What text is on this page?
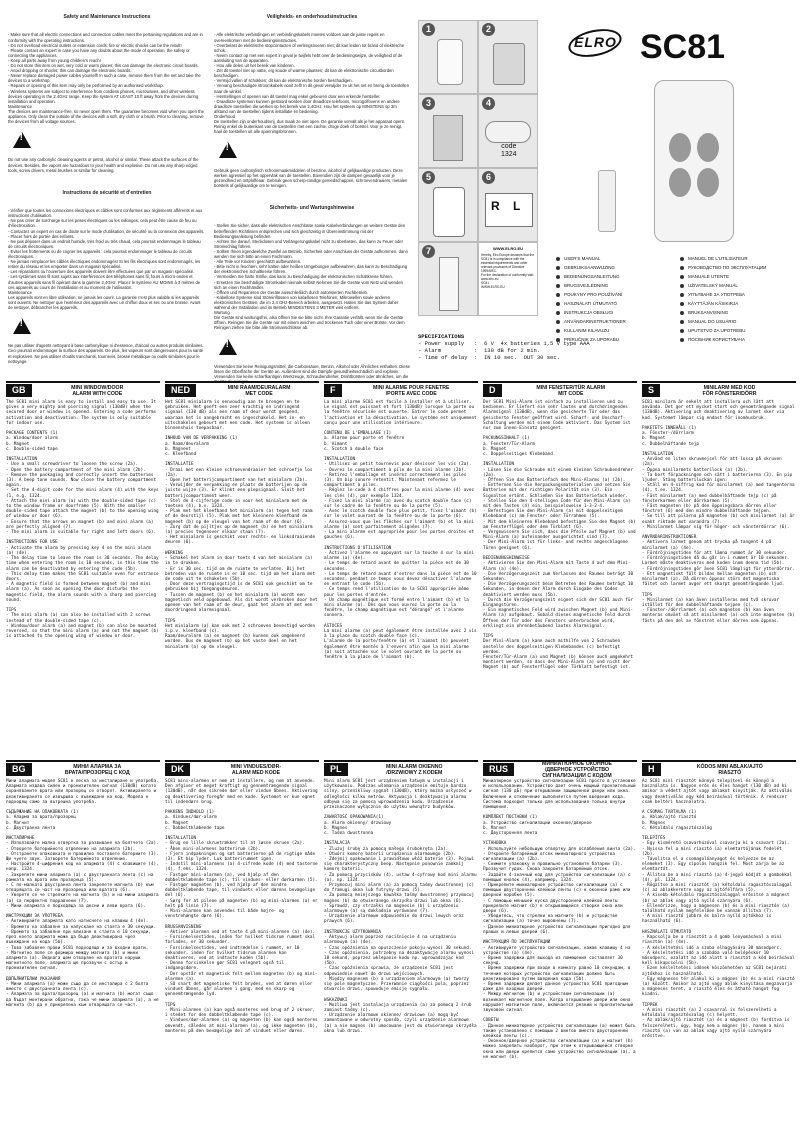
Safety and Maintenance Instructions

- Make sure that all electric connections and connection cables meet the pertaining regulations and are in conformity with the operating instructions.
- Do not overload electrical outlets or extension cords; fire or electric shocks can be the result!
- Please contact an expert in case you have any doubts about the mode of operation, the safety or connecting the appliances.
- Keep all parts away from young children's reach!
- Do not store this item on wet, very cold or warm places; this can damage the electronic circuit boards.
- Avoid dropping or shocks; this can damage the electronic boards.
- Never replace damaged power cables yourself! In such a case, remove them from the net and take the devices to a workshop.
- Repairs or opening of this item may only be performed by an authorised workshop.
- Wireless systems are subject to interference from cordless phones, microwaves, and other wireless devices operating in the 2.4GHz range. Keep the system AT LEAST 10 ft away from the devices during installation and operation.
Maintenance
The devices are maintenance-free, so never open them. The guarantee becomes void when you open the appliance. Only clean the outside of the devices with a soft, dry cloth or a brush. Prior to cleaning, remove the devices from all voltage sources.

!

Do not use any carbonylic cleaning agents or petrol, alcohol or similar. These attack the surfaces of the devices. Besides, the vapors are hazardous to your health and explosive. Do not use any sharp edged tools, screw drivers, metal brushes or similar for cleaning.

Instructions de sécurité et d'entretien

- Vérifier que toutes les connexions électriques et câbles sont conformes aux règlements afférents et aux instructions d'utilisation.
- Ne pas créer de surcharge sur les prises électriques ou les rallonges, cela peut être cause de feu ou d'électrocution.
- Contactez un expert en cas de doute sur le mode d'utilisation, de sécurité ou la connexion des appareils.
- Placer hors de portée des enfants.
- Ne pas déposer dans un endroit humide, très froid ou très chaud, cela pourrait endommager le tableau de circuits électroniques.
- Eviter les frottements ou de cogner les appareils : cela pourrait endommager le tableau de circuits électroniques.
- Ne jamais remplacer les câbles électriques endommagés! Si les fils électriques sont endommagés, les retirer du réseau et les emporter dans un magasin spécialisé.
- Les réparations ou l'ouverture des appareils doivent être effectuées que par un magasin spécialisé.
- Les systèmes sans fil sont sujets aux interférences des téléphones sans fil, fours à micro-ondes et d'autres appareils sans fil opérant dans la gamme 2,4GHz. Placez le système AU MOINS à 3 mètres de ces appareils au cours de l'installation et au moment de l'utilisation.
Maintenance
Les appareils sont en libre utilisation, ne jamais les ouvrir. La garantie n'est plus valable si les appareils sont ouverts. Ne nettoyer que l'extérieur des appareils avec un chiffon doux et sec ou une brosse. Avant de nettoyer, débrancher les appareils.

!

Ne pas utiliser d'agents nettoyant à base carbonylique ni d'essence, d'alcool ou autres produits similaires. Ceci pourrait endommager la surface des appareils. De plus, les vapeurs sont dangereuses pour la santé et explosives. Ne pas utiliser d'outils tranchants, tournevis, brosse métallique ou outils similaires pour le nettoyage.

Veiligheids- en onderhoudsinstructies

- Alle elektrische verbindingen en verbindingskabels moeten voldoen aan de juiste regels en overeenkomen met de bedieningsinstructies.
- Overbelast de elektrische stopcontacten of verlengsnoeren niet; dit kan leiden tot brand of elektrische schok.
- Neem contact op met een expert in geval je twijfels hebt over de bedieningswijze, de veiligheid of de aansluiting van de apparaten.
- Hou alle delen uit het bereik van kinderen.
- Zet dit toestel niet op natte, erg koude of warme plaatsen; dit kan de elektronische circuitborden beschadigen.
- Vermijd vallen of schokken; dit kan de elektronische borden beschadigen.
- Vervang beschadigde stroomkabels nooit zelf! In dit geval verwijder ze uit het net en breng de toestellen naar de winkel.
- Herstellingen of openen van dit toestel mag enkel gebeuren door een erkende hersteller.
- Draadloze systemen kunnen gestoord worden door draadloze telefoons, microgolfovens en andere draadloze toestellen die werken op het bereik van 2,4GHz. Hou het systeem op MINSTENS op 3m afstand van de toestellen tijdens installatie en bediening.
Onderhoud
De toestellen zijn onderhoudsvrij, dus maak ze niet open. De garantie vervalt als je het apparaat opent. Reinig enkel de buitenkant van de toestellen met een zachte, droge doek of borstel. Voor je ze reinigt, haal de toestellen uit alle spanningsbronnen.

!

Gebruik geen carbonylisch schoonmaakmiddelen of benzine, alcohol of gelijkaardige producten. Deze werken agressief op het oppervlak van de toestellen. Bovendien zijn de dampen gevaarlijk voor je gezondheid en ontploffeaar. Gebruik geen scherp-randige gereedschappen, schroevendraaiers, metalen borstels of gelijkaardige om te reinigen.

Sicherheits- und Wartungshinweise

- Stellen Sie sicher, dass alle elektrischen Anschlüsse sowie Kabelverbindungen an weitere Geräte den betreffenden Richtlinien entsprechen und sich gleichzeitig in Übereinstimmung mit der Bedienungsanleitung befinden.
- Achten Sie darauf, Steckdosen und Verlängerungskabel nicht zu überlasten, das kann zu Feuer oder Stromschlag führen.
- Sollten Ihnen irgendwelche Zweifel an Betrieb, Sicherheit oder Anschluss der Geräte aufkommen, dann wenden Sie sich bitte an einen Fachmann.
- Alle Teile vor Kindern geschützt aufbewahren.
- Bitte nicht in feuchten, sehr kalten oder heißen Umgebungen aufbewahren, das kann zu Beschädigung der elektronischen Schaltkreise führen.
- Vermeiden Sie harte Stöße, das kann zu Beschädigung der elektronischen Schaltkreise führen.
- Ersetzen Sie beschädigte Stromkabel niemals selbst! Nehmen Sie die Geräte vom Netz und wenden sich an einen Fachhändler.
- Öffnen und Reparieren der Geräte ausschließlich durch autorisierten Fachbetrieb.
- Kabellose Systeme sind Störeinflüssen von kabellosen Telefonen, Mikrowellen sowie anderen elektronischen Geräten, die im 2,4 GHz-Bereich arbeiten, ausgesetzt. Halten Sie das System daher während der Installation und im Betrieb MINDESTENS 3 METER weit entfernt.
Wartung
Die Geräte sind wartungsfrei, also öffnen Sie sie bitte nicht. Ihre Garantie verfällt, wenn Sie die Geräte öffnen. Reinigen Sie die Geräte nur mit einem weichen und trockenen Tuch oder einer Bürste. Vor dem Reinigen ziehen Sie bitte alle Stromanschlüsse ab.

!

Verwenden Sie keine Reinigungsmittel, die Carbonsäure, Benzin, Alkohol oder Ähnliches enthalten. Diese lösen die Oberfläche der Geräte an. Außerdem sind die Dämpfe gesundheitsschädlich und explosiv. Verwenden Sie keine scharfkantigen Werkzeuge, Schraubendreher, Drahtbürsten oder ähnliches, um die Geräte zu reinigen.

1	2
3	4
code
1324
5	6
R L
7	WWW.ELRO.EU
Hereby, Elro Europe declares that the SC81 is in compliance with the essential requirements and other relevant provisions of Directive 1999/5/EC.
For the declaration of conformity visit: www.elro.eu
SC81
WWW.ELRO.EU
ELRO SC81
USER'S MANUAL	MANUEL DE L'UTILISATEUR
GEBRUIKSAANWIJZING	РУКОВОДСТВО ПО ЭКСПЛУАТАЦИИ
BEDIENUNGSANLEITUNG	MANUALE UTENTE
BRUGSVEJLEDNING	UŽIVATELSKÝ MANUÁL
POUKYNY PRO POUŽÍVÁNÍ	УПЪТВАНЕ ЗА УПОТРЕБА
HASZNÁLATI ÚTMUTATÓ	KÄYTTÄJÄN KÄSIKIRJA
INSTRUKCJA OBSŁUGI	BRUKSANVISNING
ANVÄNDARINSTRUKTIONER	MANUAL DO USUÁRIO
KULLANIM KILAVUZU	UPUTSTVO ZA UPOTREBU
PRIRUČNIK ZA UPORABU	ПОСІБНИК КОРИСТУВАЧА
SPECIFICATIONS
- Power supply   :  6 V  4x batteries 1,5 V type AAA
- Alarm          :  130 dB for 2 min.
- Time of delay  :  IN 10 sec.  OUT 30 sec.
GB	MINI WINDOW/DOOR
ALARM WITH CODE
The SC81 mini alarm is easy to install and easy to use. It gives a very mighty and piercing signal (130dB) when the secured door or window is opened. Entering a code performs activation and deactivation. The system is only suitable for indoor use.

PACKAGE CONTENTS (1)
a. Window/door alarm
b. Magnet
c. Double-sided tape

INSTALLATION
- Use a small screwdriver to loosen the screw (2a).
- Open the battery compartment of the mini alarm (2b).
- Remove the packaging and correctly insert the batteries (3). A beep tone sounds. Now close the battery compartment again.
- Set the 4-digit code for the mini alarm (4) with the keys (1, e.g. 1324.
- Attach the mini alarm (a) with the double-sided tape (c) to the window frame or doorframe (5). With the smaller double-sided tape attach the magnet (b) to the opening wing of window or door (6).
- Ensure that the arrows on magnet (b) and mini alarm (a) are perfectly aligned (7).
- The mini alarm is suitable for right and left doors (6).

INSTRUCTIONS FOR USE
- Activate the alarm by pressing key 4 on the mini alarm (a) (4e).
- The delay time to leave the room is 30 seconds. The delay time when entering the room is 10 seconds, in this time the alarm can be deactivated by entering the code (5b).
- This delay time makes the SC81 suitable even for entrance doors.
- A magnetic field is formed between magnet (b) and mini alarm (a). As soon as opening the door disturbs the magnetic field, the alarm sounds with a sharp and piercing sound.

TIPS
- The mini alarm (a) can also be installed with 2 screws instead of the double-sided tape (c).
- Window/door alarm (a) and magnet (b) can also be mounted reversed, so that the mini alarm (a) and not the magnet (b) is attached to the opening wing of window or door.
NED	MINI RAAM/DEURALARM
MET CODE
Het SC81 minialarm is eenvoudig aan te brengen en te gebruiken. Het geeft een zeer krachtig en indringend signaal (130 dB) als een raam of deur wordt geopend, waaraan het is aangebracht en ingeschakeld. Het in- en uitschakelen gebeurt met een code. Het systeem is alleen binnenshuis toepasbaar.

INHOUD VAN DE VERPAKKING (1)
a. Raam/deuralarm
b. Magneet
c. Kleefband

INSTALLATIE
- Draai met een kleine schroevendraaier het schroefje los (2a).
- Open het batterijcompartiment van het minialarm (2b).
- Verwijder de verpakking en plaats de batterijen op de juiste wijze (3). Er klinkt een piepsignaal. Sluit het batterijcompartiment weer.
- Stel de 4-cijferige code in voor het minialarm met de toetsen (4), b.v. 1324.
- Plak met het kleefband het minialarm (a) tegen het raam of de deurstijl (5). Plak met het kleinere kleefband de magneet (b) op de vleugel van het raam of de deur (6).
- Zorg dat de pijltjes op de magneet (b) en het minialarm (a) precies tegenover elkaar staan (7).
- Het minialarm is geschikt voor rechts- en linksdraaiende deuren (6).

WERKING
- Schakel het alarm in door toets 4 van het minialarm (a) in te drukken.
- Er is 30 sec. tijd om de ruimte te verlaten. Bij het betreden van de ruimte is er 10 sec. tijd om het alarm met de code uit te schakelen (5b).
- Door deze vertragingstijd is de SC81 ook geschikt om te gebruiken bij toegangsdeuren.
- Tussen de magneet (b) en het minialarm (a) wordt een magnetisch veld opgebouwd. Als dit wordt verbroken door het openen van het raam of de deur, gaat het alarm af met een doordringend alarmsignaal.

TIPS
Het minialarm (a) kan ook met 2 schroeven bevestigd worden i.p.v. kleefband (c).
Raam/deuralarm (a) en magneet (b) kunnen ook omgekeerd worden. Dus de magneet (b) op het vaste deel en het minialarm (a) op de vleugel.
F	MINI ALARME POUR FENETRE
/PORTE AVEC CODE
La mini alarme SC81 est facile à installer et à utiliser. Le signal est puissant et fort (130dB) lorsque la porte ou la fenêtre sécurisée est ouverte. Entrer le code permet l'activation et la désactivation. Le système est uniquement conçu pour une utilisation intérieure.

CONTENU DE L'EMBALLAGE (1)
a. Alarme pour porte et fenêtre
b. Aimant
c. Scotch à double face

INSTALLATION
- Utilisez un petit tournevis pour dévisser les vis (2a).
- Ouvrez le compartiment à pile de la mini alarme (2b).
- Retirez l'emballage et insérez correctement les piles (3). Un bip sonore retentit. Maintenant refermez le compartiment à piles.
- Réglez le code à 4 chiffres pour la mini alarme (4) avec les clés (4), par exemple 1324.
- Fixez la mini alarme (a) avec du scotch double face (c) sur le cadre de la fenêtre ou de la porte (5).
- Avec le scotch double face plus petit, fixez l'aimant (b) sur le volet ouvrant de la fenêtre ou de la porte (6).
- Assurez-vous que les flèches sur l'aimant (b) et la mini alarme (a) sont parfaitement alignées (7).
- La mini alarme est appropriée pour les portes droites et gauches (6).

INSTRUCTIONS D'UTILISATION
- Activez l'alarme en appuyant sur la touche 4 sur la mini alarme (a) (4e).
- Le temps de retard avant de quitter la pièce est de 30 secondes.
- Le temps de retard avant d'entrer dans la pièce est de 10 secondes, pendant ce temps vous devez désactiver l'alarme en entrant le code (5b).
- Ce temps rend l'utilisation de la SC81 appropriée même pour les portes d'entrée.
- Un champ magnétique est formé entre l'aimant (b) et la mini alarme (a). Dès que vous ouvrez la porte ou la fenêtre, le champ magnétique est "dérangé" et l'alarme sonnera.

ASTUCES
La mini alarme (a) peut également être installée avec 2 vis à la place du scotch double face (c).
L'alarme de la porte/fenêtre (a) et l'aimant (b) peuvent également être montés à l'envers afin que la mini alarme (a) soit attachée sur le volet ouvrant de la porte ou fenêtre à la place de l'aimant (b).
D	MINI FENSTER/TÜR ALARM
MIT CODE
Der SC81 Mini-Alarm ist einfach zu installieren und zu bedienen. Er liefert ein sehr lautes und durchdringendes Alarmsignal (130dB), wenn die gesicherte Tür oder das gesicherte Fenster geöffnet wird. Scharf- und Unscharf-Schaltung werden mit einem Code aktiviert. Das System ist nur zum Innen-Einsatz geeignet.

PACKUNGSINHALT (1)
a. Fenster/Tür-Alarm
b. Magnet
c. Doppelseitiges Klebeband

INSTALLATION
- Lösen Sie die Schraube mit einem kleinen Schraubendreher (2a).
- Öffnen Sie das Batteriefach des Mini-Alarms (a) (2b).
- Entfernen Sie die Verpackungsmaterialien und setzen Sie Batterien mit der richtigen Polarität ein (3). Ein Signalton ertönt. Schließen Sie das Batteriefach wieder.
- Stellen Sie den 4-stelligen Code für den Mini-Alarm (a) mit den Tasten (4) ein, beispielsweise 1-3-2-4.
- Befestigen Sie den Mini-Alarm (a) mit doppelseitigem Klebeband (c) am Fenster- oder Türrahmen (5).
- Mit dem kleineren Klebeband befestigen Sie den Magnet (b) am Fensterflügel oder dem Türblatt (6).
- Vergewissern Sie sich, dass die Pfeile auf Magnet (b) und Mini-Alarm (a) aufeinander ausgerichtet sind (7).
- Der Mini-Alarm ist für links- und rechts angeschlagene Türen geeignet (6).

BEDIENUNGSHINWEISE
- Aktivieren Sie den Mini-Alarm mit Taste 4 auf dem Mini-Alarm (a) (4e).
- Die Verzögerungszeit zum Verlassen des Raumes beträgt 30 Sekunden.
- Die Verzögerungszeit beim Betreten des Raumes beträgt 10 Sekunden, in denen der Alarm durch Eingabe des Codes deaktiviert werden muss (5b).
- Durch die Verzögerungszeit eignet sich der SC81 auch für Eingangstüren.
- Ein magnetisches Feld wird zwischen Magnet (b) und Mini-Alarm (a) aufgebaut. Sobald dieses magnetische Feld durch Öffnen der Tür oder des Fensters unterbrochen wird, erklingt ein ohrenbetäubend lautes Alarmsignal.

TIPS
Der Mini-Alarm (a) kann auch mithilfe von 2 Schrauben anstelle des doppelseitigen Klebebandes (c) befestigt werden.
Fenster/Tür-Alarm (a) und Magnet (b) können auch umgekehrt montiert werden, so dass der Mini-Alarm (a) und nicht der Magnet (b) auf Fensterflügel oder Türblatt befestigt ist.
S	MINILARM MED KOD
FÖR FÖNSTER/DÖRR
SC81 minilarm är enkelt att installera och lätt att använda. Det ger ett mycket stort och genomträngande signal (130dB). Aktivering och deaktivering av larmet sker via kod. Systemet lämpar sig endast för inomhusbruk.

PAKETETS INNEHÅLL (1)
a. Fönster-/dörrlarm
b. Magnet
c. Dubbelhäftande tejp

INSTALLATION
- Använd en liten skruvmejsel för att lossa på skruven (2a).
- Öppna minilarmets batterilock (a) (2b).
- Ta bort förpackningen och sätt i batterierna (3). En pip ljuder. Stäng batteriluckan igen.
- Ställ en 4-siffrig kod för minilarmet (a) med tangenterna (4), t.ex. 1324.
- Fäst minilarmet (a) med dubbelhäftande tejp (c) på fönsterkarmen eller dörrkarmen (5).
- Fäst magneten (b) på den öppningsbara dörren eller fönstret (6) med den mindre dubbelhäftande tejpen.
- Se till att pilarna på magneten (b) och minilarmet (a) är exakt riktade mot varandra (7).
- Minilarmet lämpar sig för höger- och vänsterdörrar (6).

ANVÄNDARINSTRUKTIONER
- Aktivera larmet genom att trycka på tangent 4 på minilarmet (a) (4e).
- Fördröjningstiden för att lämna rummet är 30 sekunder.
- Fördröjningstiden då du går in i rummet är 10 sekunder. Larmet måste deaktiveras med koden inom denna tid (5b).
- Fördröjningstiden gör även SC81 lämpligt för ytterdörrar.
- Ett magnetiskt fält bildas mellan magneten (b) och minilarmet (a). Då dörren öppnas störs det magnetiska fältet och larmet avger ett skarpt genomträngande ljud.

TIPS
- Minilarmet (a) kan även installeras med två skruvar istället för den dubbelhäftande tejpen (c).
- Fönster-/dörrlarmet (a) och magneten (b) kan även monteras omvänt så att minilarmet (a) och inte magneten (b) fästs på den del av fönstret eller dörren som öppnas.
BG	МИНИ АЛАРМА ЗА
ВРАТА/ПРОЗОРЕЦ С КОД
Мини алармата модел SC81 е лесна за инсталиране и употреба. Алармата издава силен и пронизителен сигнал (130dB) когато охраняваните врата или прозорец се отворят. Активирането и деактивирането се извършва с въвеждане на код. Модела е подходящ само за вътрешна употреба.

СЪДЪРЖАНИЕ НА ОПАКОВКАТА (1)
a. Аларма за врата/прозорец
b. Магнит
c. Двустранна лента

ИНСТАЛИРАНЕ
- Използвайте малка отвертка за развиване на болтчето (2a).
- Отворете батерийното отделение на алармата (2b).
- Отстранете опаковката и правилно поставете батериите (3). Ще чуете звук. Затворете батерийното отделение.
- Настройте 4-цифрения код на алармата (4) с клавишите (4), напр. 1324.
- Закрепете мини алармата (a) с двустранната лента (c) на рамката на врата или прозореца (5).
- С по-малката двустранна лента закрепете магнита (b) към отварящата се част на прозореца или вратата (6).
- Уверете се че стрелките на магнита (b) и на мини алармата (a) са перфектно подравнени (7).
- Мини алармата е подходяща за десни и леви врата (6).

ИНСТРУКЦИИ ЗА УПОТРЕБА
- Активирайте алармата като натиснете на клавиш 4 (4e).
- Времето на забавяне за напускане на стаята е 30 секунди.
- Времето за забавяне при влизане в стаята е 10 секунди, през което алармата може да бъде деактивирана чрез въвеждане на кода (5b).
- Това забавяне прави SC81 подходяща и за входни врати.
- Магнитно поле се формира между магнита (b) и мини алармата (a). Веднага щом отваряне на вратата наруши магнитното поле, алармата ще прозвучи с остър и пронизителен сигнал.

ДОПЪЛНИТЕЛНИ УКАЗАНИЯ
- Мини алармата (a) може също да се инсталира с 2 болта вместо с двустранната лента (c).
- Алармата за врата/прозорец (a) и магнита (b) могат също да бъдат монтирани обратно, така че мини алармата (a), а не магнита (b) да е прикрепена към отварящата се част.
DK	MINI VINDUES/DØR-
ALARM MED KODE
SC81 mini-alarmen er nem at installere, og nem at anvende. Den afgiver et meget kraftigt og gennemtrængende signal (130dB), når den sikrede dør eller vindue åbnes. Aktivering og deaktivering foregår med en kode. Systemet er kun egnet til indendørs brug.

PAKKENS INDHOLD (1)
a. Vindues/dør-alarm
b. Magnet
c. Dobbeltklæbende tape

INSTALLATION
- Brug en lille skruetrækker til at løsne skruen (2a).
- Åben mini-alarmens batterirum (2b).
- Fjern indpakningen og sæt batterierne på de rigtige måde (3). Et bip lyder. Luk batterirummet igen.
- Indstil mini-alarmens (a) 4-cifrede kode (4) med tasterne (4), f.eks. 1324.
- Fastgør mini-alarmen (a), ved hjælp af den dobbeltklæbende tape (c), til vindues- eller dørkarmen (5).
- Fastgør magneten (b), ved hjælp af den mindre dobbeltklæbende tape, til vinduets eller dørens bevægelige del (6).
- Sørg for at pilene på magneten (b) og mini-alarmen (a) er helt på linie (7).
- Mini-alarmen kan anvendes til både højre- og venstrehængte døre (6).

BRUGSANVISNING
- Aktiver alarmen ved at taste 4 på mini-alarmen (a) (4e).
- Forsinkelsestiden, inden for hvilket tidsrum rummet skal forlades, er 30 sekunder.
- Forsinkelsestiden, ved indtrædelse i rummet, er 10 sekunder, inden for hvilket tidsrum alarmen kan deaktiveres, ved at indtaste koden (5b).
- Denne forsinkelse gør SC81 velegnet også til indgangsdøre.
- Der opstår et magnetisk felt mellem magneten (b) og mini-alarmen (a).
- Så snart det magnetiske felt brydes, ved at døren eller vinduet åbnes, går alarmen i gang, med en skarp og gennemtrængende lyd.

TIPS
- Mini-alarmen (a) kan også monteres ved brug af 2 skruer, i stedet for den dobbeltklæbende tape (c).
- Vindues/dør-alarmen (a) og magneten (b) kan også monteres omvendt, således at mini-alarmen (a), og ikke magneten (b), monteres på den bevægelige del af vinduet eller døren.
PL	MINI ALARM OKIENNO
/DRZWIOWY Z KODEM
Mini alarm SC81 jest urządzeniem łatwym w instalacji i użytkowaniu. Podczas włamania urządzenie emituje bardzo silny, przenikliwy sygnał (130dB), który można usłyszeć w odległości kilku metrów. Aktywacja i deaktywacja alarmu odbywa się za pomocą wprowadzenia kodu. Urządzenie przeznaczone wyłącznie do użytku wewnątrz budynków.

ZAWARTOŚĆ OPAKOWANIA(1)
a. Alarm okienny/ drzwiowy
b. Magnes
c. Taśma dwustronna

INSTALACJA
- Zluzuj śrubę za pomocą małego śrubokręta (2a).
- Otwórz komorę baterii urządzenia alarmowego (2b).
- Zdejmij opakowanie i prawidłowo włóż baterie (3). Pojawi się charakterystyczny beep. Następnie ponownie zamknij komorę baterii.
- Za pomocą przycisków (4), ustaw 4-cyfrowy kod mini alarmu (a), np. 1324.
- Przymocuj mini alarm (a) za pomocą taśmy dwustronnej (c) do framugi okna lub futryny drzwi (5).
- Za pomocą mniejszego kawałka taśmy dwustronnej przymocuj magnes (b) do otwieranego skrzydła drzwi lub okna (6).
- Sprawdź, czy strzałki na magnesie (b) i urządzeniu alarmowym (a) są dokładnie wyrównane (7).
- Urządzenie alarmowe odpowiednie do drzwi lewych oraz prawych (6).

INSTRUKCJE UŻYTKOWANIA
- Aktywuj alarm poprzez naciśnięcie 4 na urządzeniu alarmowym (a) (4e).
- Czas opóźnienia na opuszczenie pokoju wynosi 30 sekund.
- Czas opóźnienia, potrzebny na dezaktywację alarmu wynosi 10 sekund, poprzez wklepanie kodu np. wprowadzając kod (5b).
- Czas opóźnienia sprawia, że urządzenie SC81 jest odpowiednie nawet do drzwi wejściowych.
- Między magnesem (b) a urządzeniem alarmowym (a) tworzy się pole magnetyczne. Przerwanie ciągłości pola, poprzez otwarcie drzwi, spowoduje emisję sygnału.

WSKAZÓWKI
- Możliwa jest instalacja urządzenia (a) za pomocą 2 śrub zamiast taśmy (c).
- Urządzenie alarmowe okienne/ drzwiowe (a) mogą być zamontowane w odwrotny sposób, czyli urządzenie alarmowe (a) a nie magnes (b) umocowane jest do otwieranego skrzydła okna lub drzwi.
RUS
МИНИАТЮРНОЕ ОКОННОЕ
/ДВЕРНОЕ УСТРОЙСТВО
СИГНАЛИЗАЦИИ С КОДОМ
Миниатюрное устройство сигнализации SC81 просто в установке и использовании. Устройство дает очень мощный пронзительный сигнал (130 дБ) при открывании защищенной двери или окна. Включение и отключение выполняется путем введения кода. Система подходит только для использования только внутри помещения.

КОМПЛЕКТ ПОСТАВКИ (1)
a. Устройство сигнализации оконное/дверное
b. Магнит
c. Двусторонняя лента

УСТАНОВКА
- Используйте небольшую отвертку для ослабления винта (2a).
- Откройте батарейный отсек миниатюрного устройства сигнализации (a) (2b).
- Снимите упаковку и правильно установите батареи (3). Прозвучит гудок. Снова закройте батарейный отсек.
- Задайте 4-значный код для устройства сигнализации (a) с помощью кнопок (4), например, 1324.
- Прикрепите миниатюрное устройство сигнализации (a) с помощью двусторонней клейкой ленты (c) к оконной раме или дверной коробке (5).
- С помощью меньшей куска двусторонней клейкой ленты прикрепите магнит (b) к открывающейся створке окна или двери (6).
- Убедитесь, что стрелки на магните (b) и устройстве сигнализации (a) точно выровнены (7).
- Данное миниатюрное устройство сигнализации пригодно для правых и левых дверей (6).

ИНСТРУКЦИЯ ПО ЭКСПЛУАТАЦИИ
- Активируйте устройство сигнализации, нажав клавишу 4 на устройстве (a) (4e).
- Время задержки для выхода из помещения составляет 30 секунд.
- Время задержки при входе в комнату равно 10 секундам, в течение которых устройство сигнализации должно быть деактивировано путем введения кода (5b).
- Время задержки делает данное устройство SC81 пригодным даже для входных дверей.
- Между магнитом (b) и устройством сигнализации (a) возникает магнитное поле. Когда открывание двери или окна нарушает магнитное поле, включается резкий и пронзительный звуковой сигнал.

СОВЕТЫ
- Данное миниатюрное устройство сигнализации (a) может быть также установлено с помощью 2 винтов вместо двусторонней клейкой ленты (c).
- Оконное/дверное устройство сигнализации (a) и магнит (b) можно закрепить наоборот, при этом к открывающейся створке окна или двери крепится само устройство сигнализации (a), а не магнит (b).
H	KÓDOS MINI ABLAK/AJTÓ
RIASZTÓ
Az SC81 mini riasztót könnyű telepíteni és könnyű a használata is. Nagyon erős és éles hangot (130 dB) ad ki amikor a védett ajtót vagy ablakot kinyitják. Az aktiválás vagy deaktiválás egy kód beírásával történik. A rendszer csak beltéri használatra.

A CSOMAG TARTALMA (1)
a. Ablak/ajtó riasztó
b. Mágnes
c. Kétoldalú ragasztószalag

TELEPÍTÉS
- Egy kisméretű csavarhúzóval csavarja ki a csavart (2a).
- Nyissa fel a mini riasztó (a) elemtartójának fedelét (2b).
- Távolítsa el a csomagolóanyagot és helyezze be az elemeket (3). Egy sípolás hangzik fel. Most zárja be az elemtartót.
- Állítsa be a mini riasztó (a) 4-jegyű kódját a gombokkal (4), pl. 1324.
- Rögzítse a mini riasztót (a) kétoldalú ragasztószalaggal (c) az ablakkeretre vagy az ajtófélfára (5).
- A kisebb kétoldalú ragasztószalaggal erősítse a mágnest (b) az ablak vagy ajtó nyíló szárnyára (6).
- Ellenőrizze, hogy a mágnesen (b) és a mini riasztón (a) található nyilak megfelelően be vannak állítva (7).
- A mini riasztó jobbra és balra nyíló ajtókhoz is használható (6).

HASZNÁLATI ÚTMUTATÓ
- Kapcsolja be a riasztót a 4 gomb lenyomásával a mini riasztón (a) (4e).
- A késleltetési idő a szoba elhagyására 30 másodperc.
- A késleltetési idő a szobába való belépéskor 10 másodperc, ezalatt az idő alatt a riasztót a kód beírásával kell kikapcsolni (5b).
- Ezen késleltetési időnek köszönhetően az SC81 bejárati ajtókhoz is használható.
- Egy mágneses tér alakul ki a mágnes (b) és a mini riasztó (a) között. Amikor az ajtó vagy ablak kinyitása megzavarja a mágneses teret, a riasztó éles és átható hangot fog kiadni.

TIPPEK
- A mini riasztót (a) 2 csavarral is felszerelheti a kétoldalú ragasztószalag (c) helyett.
- Az ablak/ajtó riasztót (a) és a mágnest (b) fordítva is felszerelheti, úgy, hogy nem a mágnes (b), hanem a mini riasztó (a) van az ablak vagy ajtó nyíló szárnyára erősítve.
